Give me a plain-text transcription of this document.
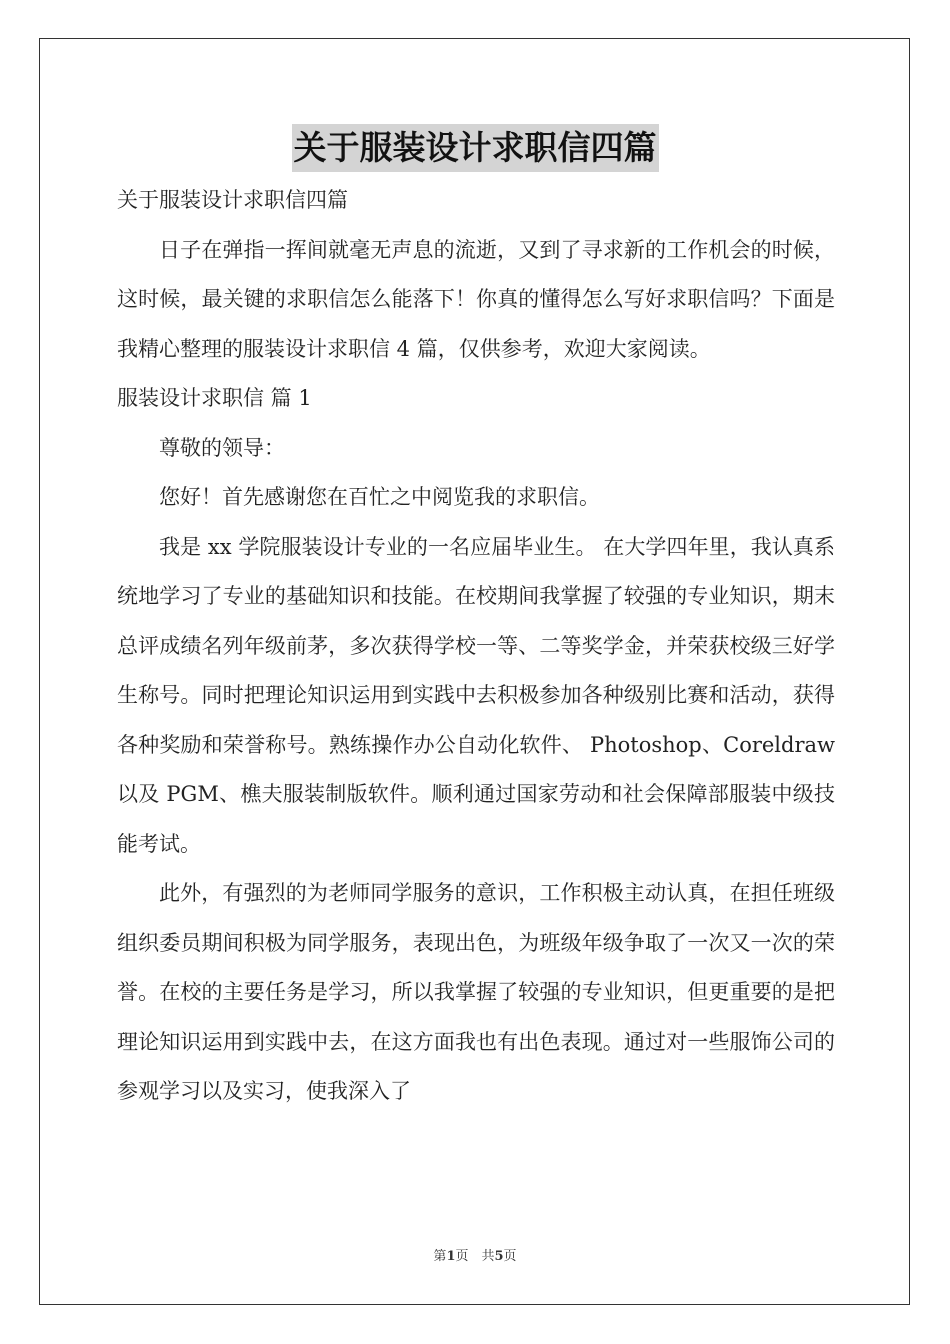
关于服装设计求职信四篇

关于服装设计求职信四篇

日子在弹指一挥间就毫无声息的流逝，又到了寻求新的工作机会的时候，这时候，最关键的求职信怎么能落下！你真的懂得怎么写好求职信吗？下面是我精心整理的服装设计求职信 4 篇，仅供参考，欢迎大家阅读。

服装设计求职信 篇 1

尊敬的领导：

您好！首先感谢您在百忙之中阅览我的求职信。

我是 xx 学院服装设计专业的一名应届毕业生。 在大学四年里，我认真系统地学习了专业的基础知识和技能。在校期间我掌握了较强的专业知识，期末总评成绩名列年级前茅，多次获得学校一等、二等奖学金，并荣获校级三好学生称号。同时把理论知识运用到实践中去积极参加各种级别比赛和活动，获得各种奖励和荣誉称号。熟练操作办公自动化软件、 Photoshop、Coreldraw 以及 PGM、樵夫服装制版软件。顺利通过国家劳动和社会保障部服装中级技能考试。

此外，有强烈的为老师同学服务的意识，工作积极主动认真，在担任班级组织委员期间积极为同学服务，表现出色，为班级年级争取了一次又一次的荣誉。在校的主要任务是学习，所以我掌握了较强的专业知识，但更重要的是把理论知识运用到实践中去，在这方面我也有出色表现。通过对一些服饰公司的参观学习以及实习，使我深入了

第1页　共5页
